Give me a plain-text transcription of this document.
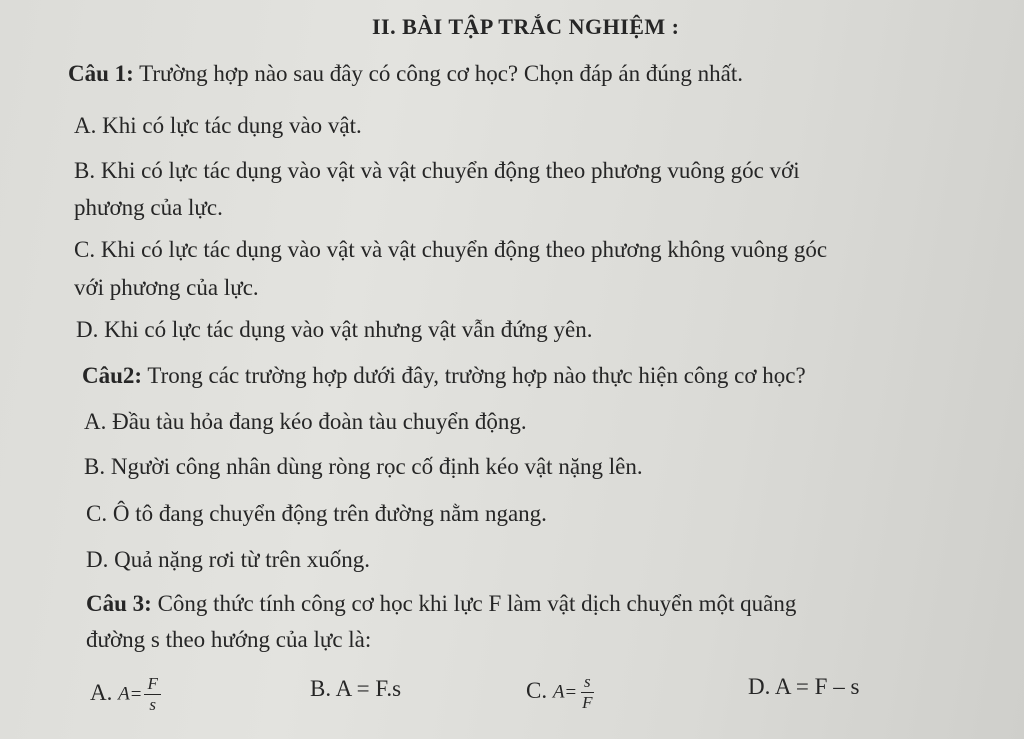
II. BÀI TẬP TRẮC NGHIỆM :
Câu 1: Trường hợp nào sau đây có công cơ học? Chọn đáp án đúng nhất.
A. Khi có lực tác dụng vào vật.
B. Khi có lực tác dụng vào vật và vật chuyển động theo phương vuông góc với
phương của lực.
C. Khi có lực tác dụng vào vật và vật chuyển động theo phương không vuông góc
với phương của lực.
D. Khi có lực tác dụng vào vật nhưng vật vẫn đứng yên.
Câu2: Trong các trường hợp dưới đây, trường hợp nào thực hiện công cơ học?
A. Đầu tàu hỏa đang kéo đoàn tàu chuyển động.
B. Người công nhân dùng ròng rọc cố định kéo vật nặng lên.
C. Ô tô đang chuyển động trên đường nằm ngang.
D. Quả nặng rơi từ trên xuống.
Câu 3: Công thức tính công cơ học khi lực F làm vật dịch chuyển một quãng
đường s theo hướng của lực là:
A. $A= \frac{F}{s}$	B. A = F.s	C. $A= \frac{s}{F}$	D. A = F – s
